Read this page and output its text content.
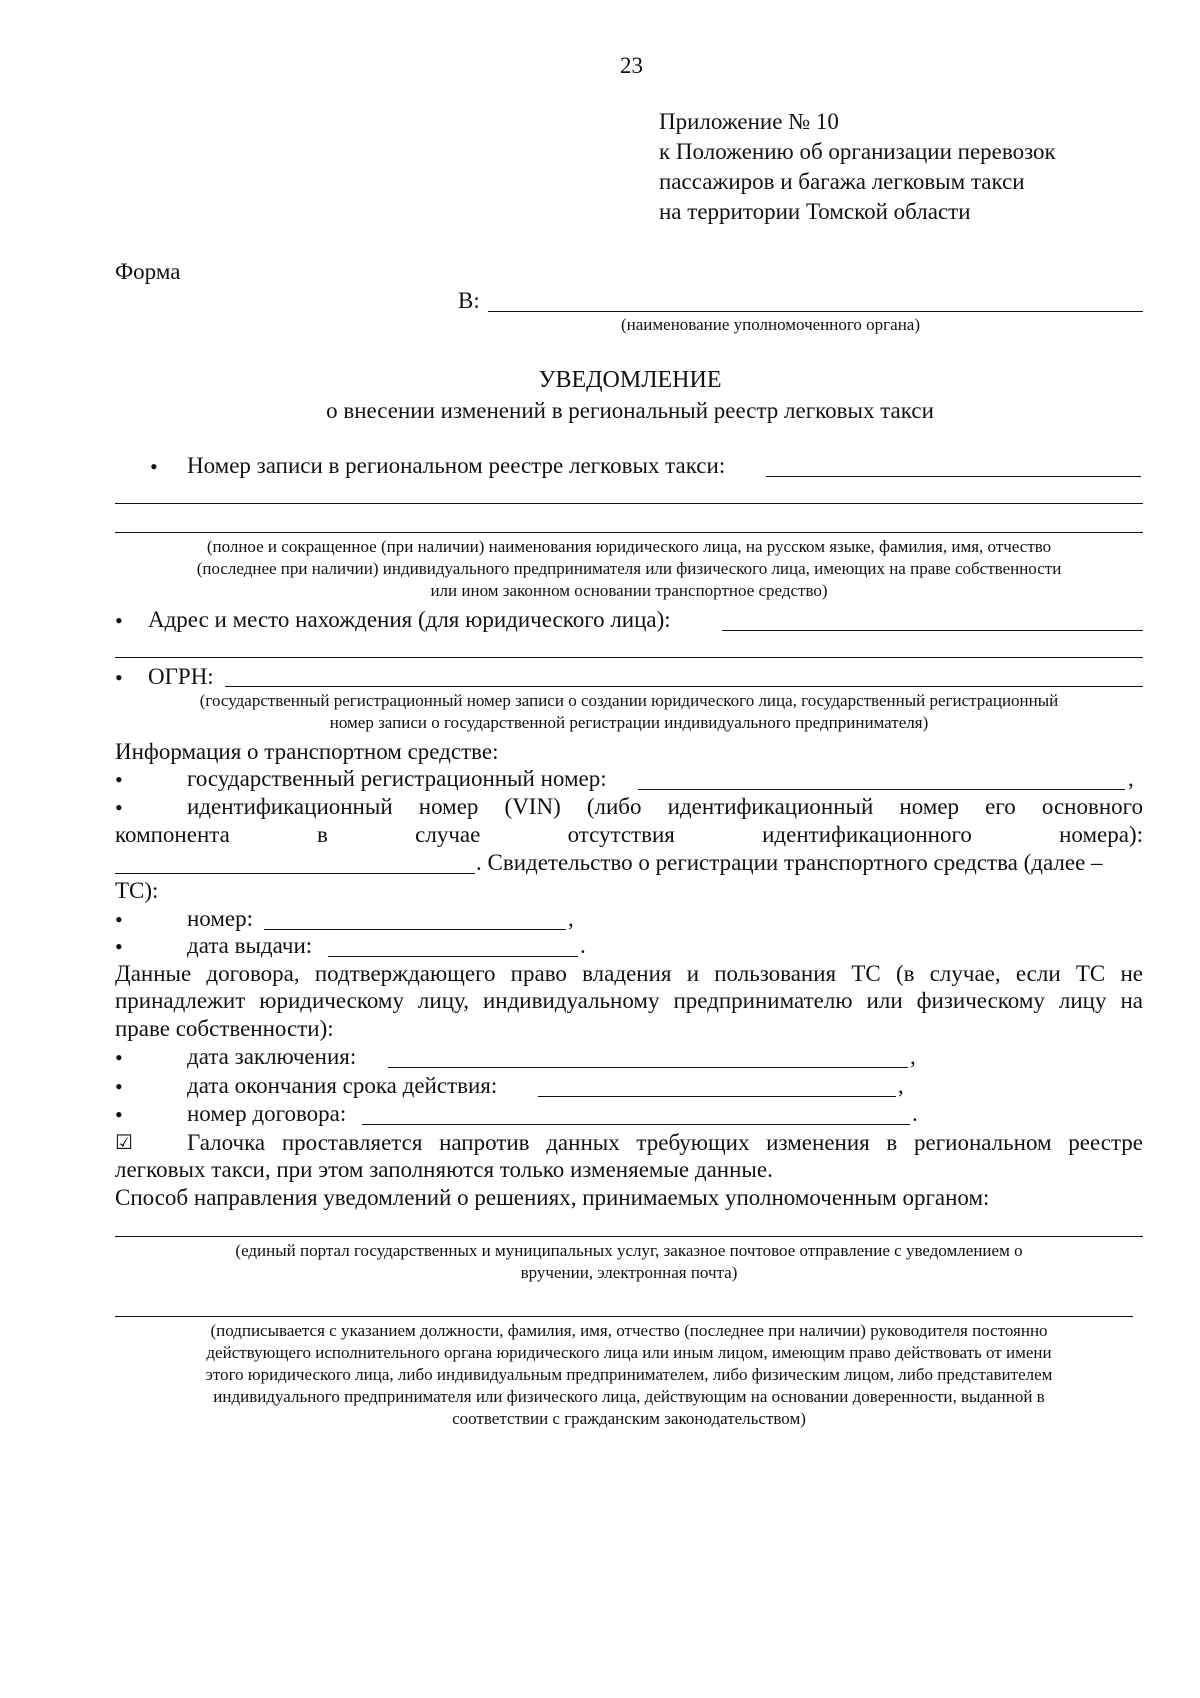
23
Приложение № 10
к Положению об организации перевозок
пассажиров и багажа легковым такси
на территории Томской области
Форма
В:
(наименование уполномоченного органа)
УВЕДОМЛЕНИЕ
о внесении изменений в региональный реестр легковых такси
• Номер записи в региональном реестре легковых такси:
(полное и сокращенное (при наличии) наименования юридического лица, на русском языке, фамилия, имя, отчество
(последнее при наличии) индивидуального предпринимателя или физического лица, имеющих на праве собственности
или ином законном основании транспортное средство)
• Адрес и место нахождения (для юридического лица):
• ОГРН:
(государственный регистрационный номер записи о создании юридического лица, государственный регистрационный
номер записи о государственной регистрации индивидуального предпринимателя)
Информация о транспортном средстве:
•	государственный регистрационный номер:	,
•	идентификационный номер (VIN) (либо идентификационный номер его основного
компонента в случае отсутствия идентификационного номера):
. Свидетельство о регистрации транспортного средства (далее –
ТС):
•	номер:	,
•	дата выдачи:	.
Данные договора, подтверждающего право владения и пользования ТС (в случае, если ТС не
принадлежит юридическому лицу, индивидуальному предпринимателю или физическому лицу на
праве собственности):
•	дата заключения:	,
•	дата окончания срока действия:	,
•	номер договора:	.
☑ Галочка проставляется напротив данных требующих изменения в региональном реестре
легковых такси, при этом заполняются только изменяемые данные.
Способ направления уведомлений о решениях, принимаемых уполномоченным органом:
(единый портал государственных и муниципальных услуг, заказное почтовое отправление с уведомлением о
вручении, электронная почта)
(подписывается с указанием должности, фамилия, имя, отчество (последнее при наличии) руководителя постоянно
действующего исполнительного органа юридического лица или иным лицом, имеющим право действовать от имени
этого юридического лица, либо индивидуальным предпринимателем, либо физическим лицом, либо представителем
индивидуального предпринимателя или физического лица, действующим на основании доверенности, выданной в
соответствии с гражданским законодательством)
